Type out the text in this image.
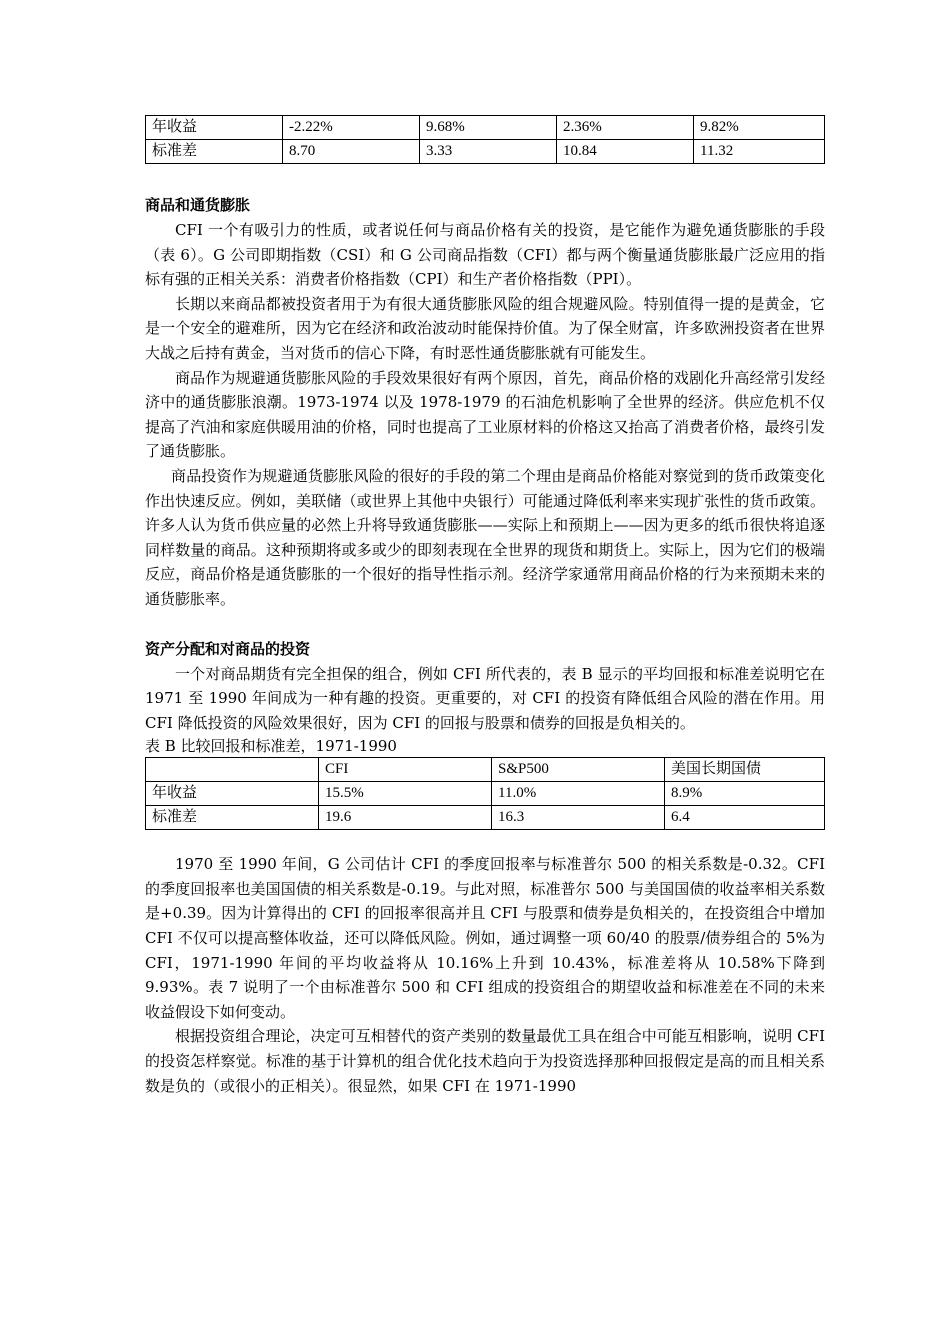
年收益	-2.22%	9.68%	2.36%	9.82%
标准差	8.70	3.33	10.84	11.32
商品和通货膨胀

CFI 一个有吸引力的性质，或者说任何与商品价格有关的投资，是它能作为避免通货膨胀的手段（表 6）。G 公司即期指数（CSI）和 G 公司商品指数（CFI）都与两个衡量通货膨胀最广泛应用的指标有强的正相关关系：消费者价格指数（CPI）和生产者价格指数（PPI）。

长期以来商品都被投资者用于为有很大通货膨胀风险的组合规避风险。特别值得一提的是黄金，它是一个安全的避难所，因为它在经济和政治波动时能保持价值。为了保全财富，许多欧洲投资者在世界大战之后持有黄金，当对货币的信心下降，有时恶性通货膨胀就有可能发生。

商品作为规避通货膨胀风险的手段效果很好有两个原因，首先，商品价格的戏剧化升高经常引发经济中的通货膨胀浪潮。1973-1974 以及 1978-1979 的石油危机影响了全世界的经济。供应危机不仅提高了汽油和家庭供暖用油的价格，同时也提高了工业原材料的价格这又抬高了消费者价格，最终引发了通货膨胀。

商品投资作为规避通货膨胀风险的很好的手段的第二个理由是商品价格能对察觉到的货币政策变化作出快速反应。例如，美联储（或世界上其他中央银行）可能通过降低利率来实现扩张性的货币政策。许多人认为货币供应量的必然上升将导致通货膨胀——实际上和预期上——因为更多的纸币很快将追逐同样数量的商品。这种预期将或多或少的即刻表现在全世界的现货和期货上。实际上，因为它们的极端反应，商品价格是通货膨胀的一个很好的指导性指示剂。经济学家通常用商品价格的行为来预期未来的通货膨胀率。

资产分配和对商品的投资

一个对商品期货有完全担保的组合，例如 CFI 所代表的，表 B 显示的平均回报和标准差说明它在 1971 至 1990 年间成为一种有趣的投资。更重要的，对 CFI 的投资有降低组合风险的潜在作用。用 CFI 降低投资的风险效果很好，因为 CFI 的回报与股票和债券的回报是负相关的。

表 B 比较回报和标准差，1971-1990
	CFI	S&P500	美国长期国债
年收益	15.5%	11.0%	8.9%
标准差	19.6	16.3	6.4

1970 至 1990 年间，G 公司估计 CFI 的季度回报率与标准普尔 500 的相关系数是-0.32。CFI 的季度回报率也美国国债的相关系数是-0.19。与此对照，标准普尔 500 与美国国债的收益率相关系数是+0.39。因为计算得出的 CFI 的回报率很高并且 CFI 与股票和债券是负相关的，在投资组合中增加 CFI 不仅可以提高整体收益，还可以降低风险。例如，通过调整一项 60/40 的股票/债券组合的 5%为 CFI，1971-1990 年间的平均收益将从 10.16%上升到 10.43%，标准差将从 10.58%下降到 9.93%。表 7 说明了一个由标准普尔 500 和 CFI 组成的投资组合的期望收益和标准差在不同的未来收益假设下如何变动。

根据投资组合理论，决定可互相替代的资产类别的数量最优工具在组合中可能互相影响，说明 CFI 的投资怎样察觉。标准的基于计算机的组合优化技术趋向于为投资选择那种回报假定是高的而且相关系数是负的（或很小的正相关）。很显然，如果 CFI 在 1971-1990
